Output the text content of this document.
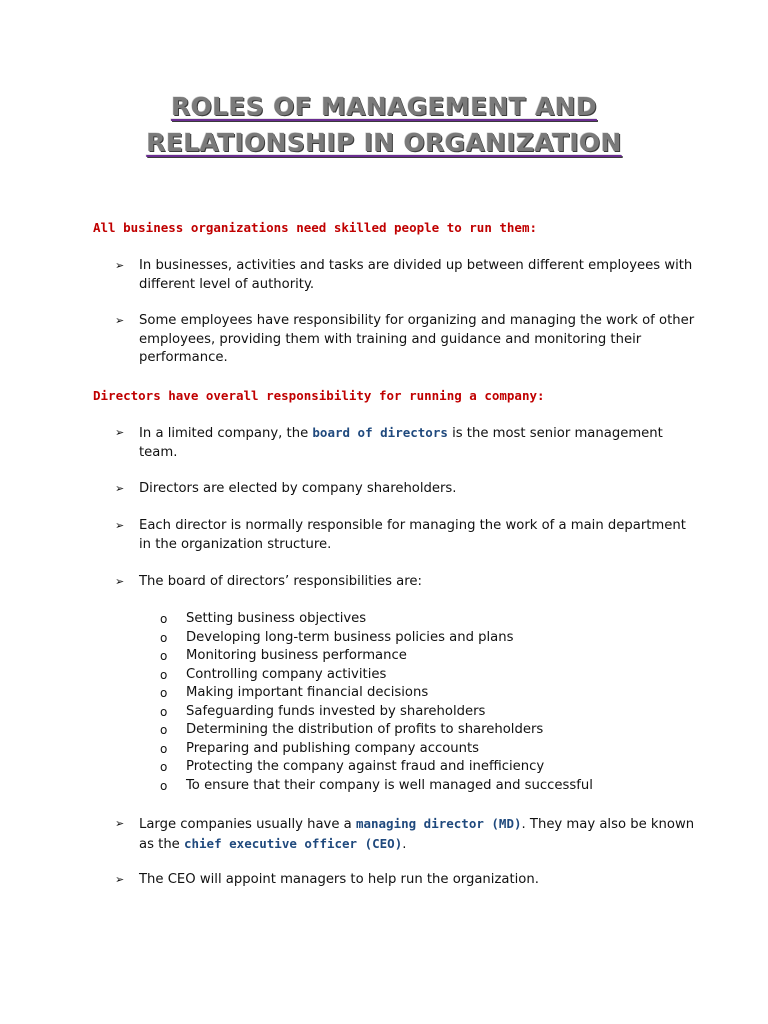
ROLES OF MANAGEMENT AND
RELATIONSHIP IN ORGANIZATION
All business organizations need skilled people to run them:
➢ In businesses, activities and tasks are divided up between different employees with different level of authority.
➢ Some employees have responsibility for organizing and managing the work of other employees, providing them with training and guidance and monitoring their performance.
Directors have overall responsibility for running a company:
➢ In a limited company, the board of directors is the most senior management team.
➢ Directors are elected by company shareholders.
➢ Each director is normally responsible for managing the work of a main department in the organization structure.
➢ The board of directors’ responsibilities are:
o Setting business objectives
o Developing long-term business policies and plans
o Monitoring business performance
o Controlling company activities
o Making important financial decisions
o Safeguarding funds invested by shareholders
o Determining the distribution of profits to shareholders
o Preparing and publishing company accounts
o Protecting the company against fraud and inefficiency
o To ensure that their company is well managed and successful
➢ Large companies usually have a managing director (MD). They may also be known as the chief executive officer (CEO).
➢ The CEO will appoint managers to help run the organization.
